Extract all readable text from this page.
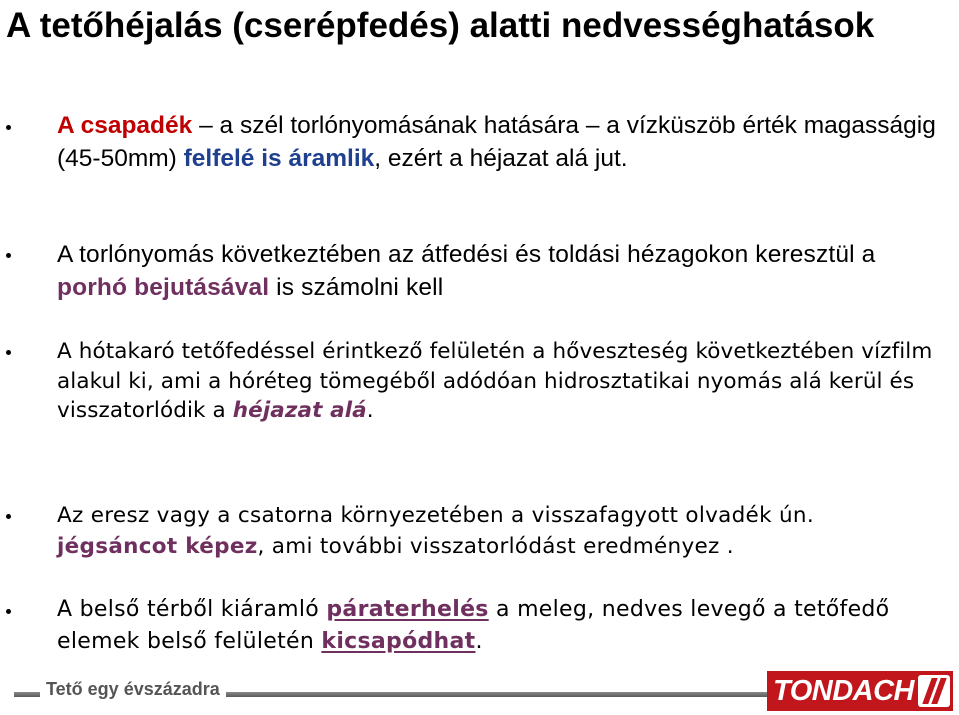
A tetőhéjalás (cserépfedés) alatti nedvességhatások

A csapadék – a szél torlónyomásának hatására – a vízküszöb érték magasságig (45-50mm) felfelé is áramlik, ezért a héjazat alá jut.

A torlónyomás következtében az átfedési és toldási hézagokon keresztül a porhó bejutásával is számolni kell

A hótakaró tetőfedéssel érintkező felületén a hőveszteség következtében vízfilm alakul ki, ami a hóréteg tömegéből adódóan hidrosztatikai nyomás alá kerül és visszatorlódik a héjazat alá.

Az eresz vagy a csatorna környezetében a visszafagyott olvadék ún. jégsáncot képez, ami további visszatorlódást eredményez .

A belső térből kiáramló páraterhelés a meleg, nedves levegő a tetőfedő elemek belső felületén kicsapódhat.

Tető egy évszázadra	TONDACH
